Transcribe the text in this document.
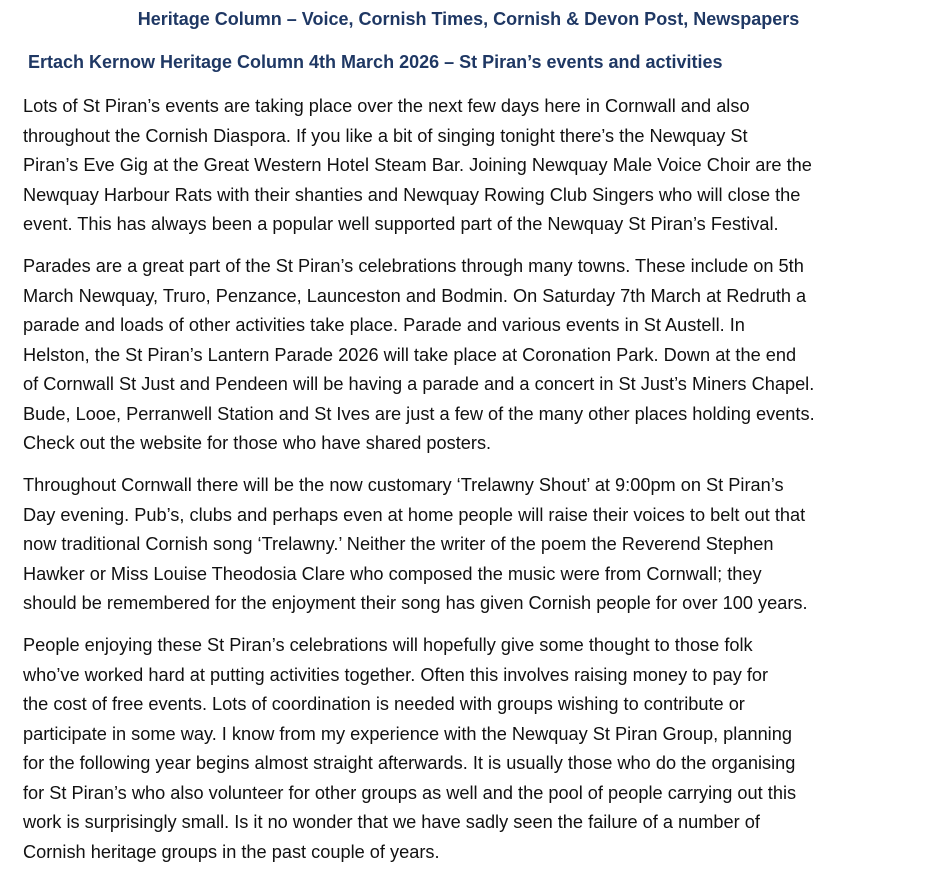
Heritage Column – Voice, Cornish Times, Cornish & Devon Post, Newspapers
Ertach Kernow Heritage Column 4th March 2026 – St Piran’s events and activities
Lots of St Piran’s events are taking place over the next few days here in Cornwall and also
throughout the Cornish Diaspora. If you like a bit of singing tonight there’s the Newquay St
Piran’s Eve Gig at the Great Western Hotel Steam Bar. Joining Newquay Male Voice Choir are the
Newquay Harbour Rats with their shanties and Newquay Rowing Club Singers who will close the
event. This has always been a popular well supported part of the Newquay St Piran’s Festival.
Parades are a great part of the St Piran’s celebrations through many towns. These include on 5th
March Newquay, Truro, Penzance, Launceston and Bodmin. On Saturday 7th March at Redruth a
parade and loads of other activities take place. Parade and various events in St Austell. In
Helston, the St Piran’s Lantern Parade 2026 will take place at Coronation Park. Down at the end
of Cornwall St Just and Pendeen will be having a parade and a concert in St Just’s Miners Chapel.
Bude, Looe, Perranwell Station and St Ives are just a few of the many other places holding events.
Check out the website for those who have shared posters.
Throughout Cornwall there will be the now customary ‘Trelawny Shout’ at 9:00pm on St Piran’s
Day evening. Pub’s, clubs and perhaps even at home people will raise their voices to belt out that
now traditional Cornish song ‘Trelawny.’ Neither the writer of the poem the Reverend Stephen
Hawker or Miss Louise Theodosia Clare who composed the music were from Cornwall; they
should be remembered for the enjoyment their song has given Cornish people for over 100 years.
People enjoying these St Piran’s celebrations will hopefully give some thought to those folk
who’ve worked hard at putting activities together. Often this involves raising money to pay for
the cost of free events. Lots of coordination is needed with groups wishing to contribute or
participate in some way. I know from my experience with the Newquay St Piran Group, planning
for the following year begins almost straight afterwards. It is usually those who do the organising
for St Piran’s who also volunteer for other groups as well and the pool of people carrying out this
work is surprisingly small. Is it no wonder that we have sadly seen the failure of a number of
Cornish heritage groups in the past couple of years.
